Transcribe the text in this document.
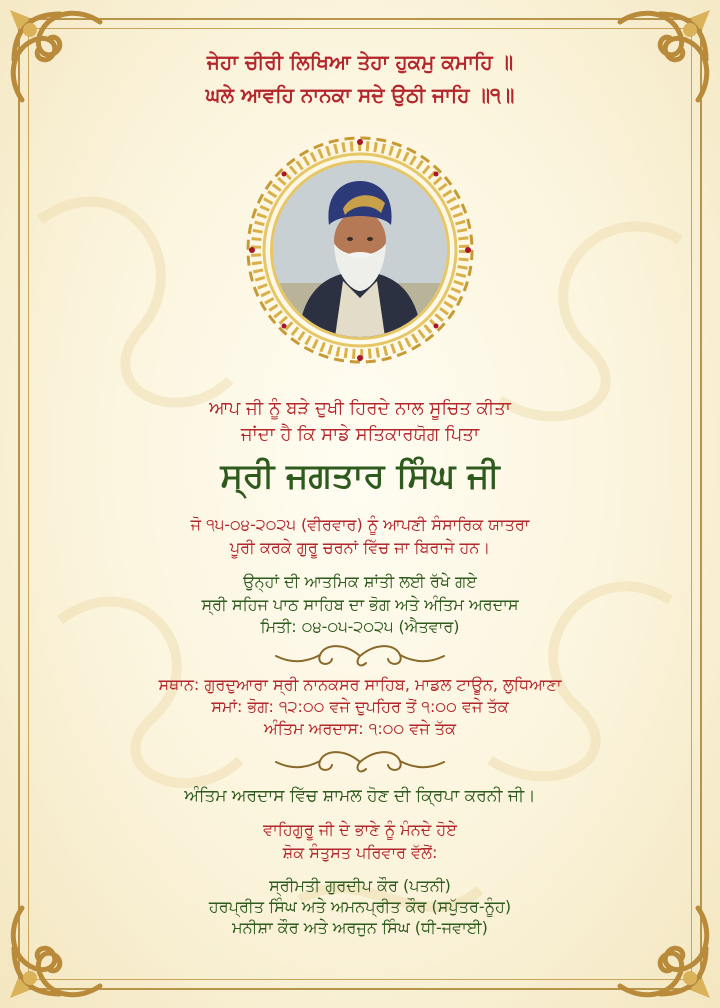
ਜੇਹਾ ਚੀਰੀ ਲਿਖਿਆ ਤੇਹਾ ਹੁਕਮੁ ਕਮਾਹਿ ॥
ਘਲੇ ਆਵਹਿ ਨਾਨਕਾ ਸਦੇ ਉਠੀ ਜਾਹਿ ॥੧॥
ਆਪ ਜੀ ਨੂੰ ਬੜੇ ਦੁਖੀ ਹਿਰਦੇ ਨਾਲ ਸੂਚਿਤ ਕੀਤਾ
ਜਾਂਦਾ ਹੈ ਕਿ ਸਾਡੇ ਸਤਿਕਾਰਯੋਗ ਪਿਤਾ
ਸ੍ਰੀ ਜਗਤਾਰ ਸਿੰਘ ਜੀ
ਜੋ ੧੫-੦੪-੨੦੨੫ (ਵੀਰਵਾਰ) ਨੂੰ ਆਪਣੀ ਸੰਸਾਰਿਕ ਯਾਤਰਾ
ਪੂਰੀ ਕਰਕੇ ਗੁਰੂ ਚਰਨਾਂ ਵਿੱਚ ਜਾ ਬਿਰਾਜੇ ਹਨ।
ਉਨ੍ਹਾਂ ਦੀ ਆਤਮਿਕ ਸ਼ਾਂਤੀ ਲਈ ਰੱਖੇ ਗਏ
ਸ੍ਰੀ ਸਹਿਜ ਪਾਠ ਸਾਹਿਬ ਦਾ ਭੋਗ ਅਤੇ ਅੰਤਿਮ ਅਰਦਾਸ
ਮਿਤੀ: ੦੪-੦੫-੨੦੨੫ (ਐਤਵਾਰ)
ਸਥਾਨ: ਗੁਰਦੁਆਰਾ ਸ੍ਰੀ ਨਾਨਕਸਰ ਸਾਹਿਬ, ਮਾਡਲ ਟਾਊਨ, ਲੁਧਿਆਣਾ
ਸਮਾਂ: ਭੋਗ: ੧੨:੦੦ ਵਜੇ ਦੁਪਹਿਰ ਤੋਂ ੧:੦੦ ਵਜੇ ਤੱਕ
ਅੰਤਿਮ ਅਰਦਾਸ: ੧:੦੦ ਵਜੇ ਤੱਕ
ਅੰਤਿਮ ਅਰਦਾਸ ਵਿੱਚ ਸ਼ਾਮਲ ਹੋਣ ਦੀ ਕ੍ਰਿਪਾ ਕਰਨੀ ਜੀ।
ਵਾਹਿਗੁਰੂ ਜੀ ਦੇ ਭਾਣੇ ਨੂੰ ਮੰਨਦੇ ਹੋਏ
ਸ਼ੋਕ ਸੰਤੁਸਤ ਪਰਿਵਾਰ ਵੱਲੋਂ:
ਸ੍ਰੀਮਤੀ ਗੁਰਦੀਪ ਕੌਰ (ਪਤਨੀ)
ਹਰਪ੍ਰੀਤ ਸਿੰਘ ਅਤੇ ਅਮਨਪ੍ਰੀਤ ਕੌਰ (ਸਪੁੱਤਰ-ਨੂੰਹ)
ਮਨੀਸ਼ਾ ਕੌਰ ਅਤੇ ਅਰਜੁਨ ਸਿੰਘ (ਧੀ-ਜਵਾਈ)
